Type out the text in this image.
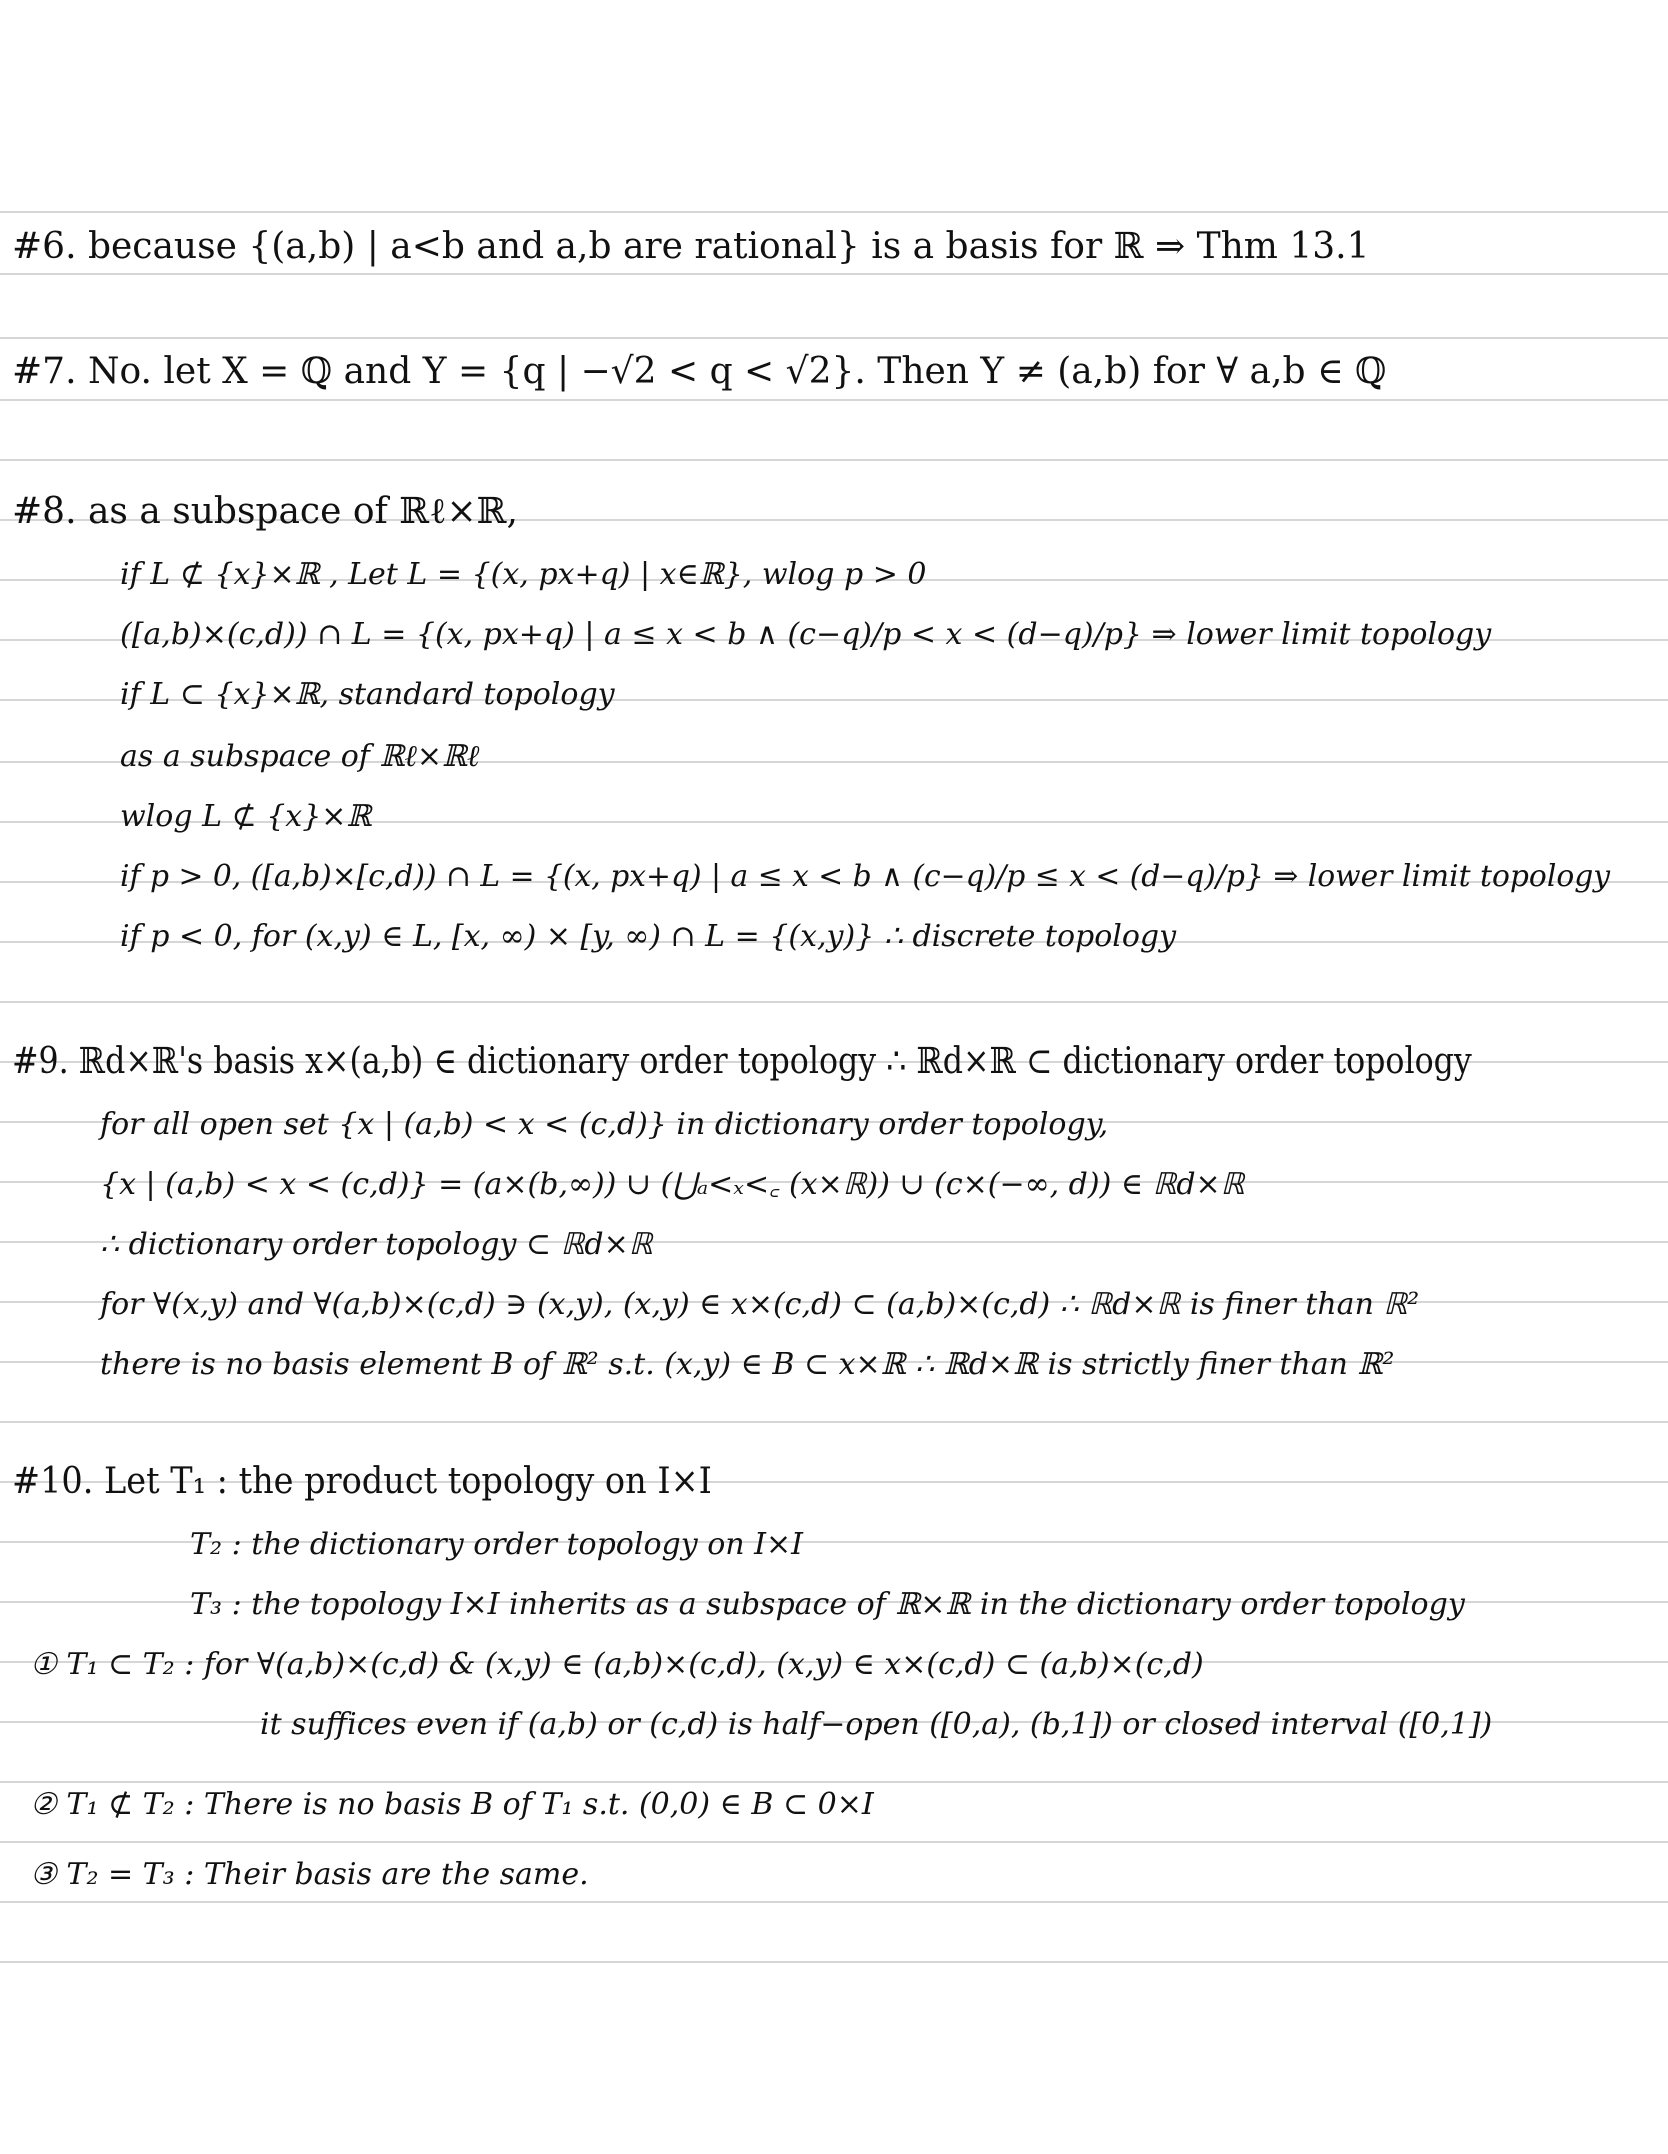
#6. because {(a,b) | a<b and a,b are rational} is a basis for ℝ ⇒ Thm 13.1
#7. No. let X = ℚ and Y = {q | −√2 < q < √2}. Then Y ≠ (a,b) for ∀ a,b ∈ ℚ
#8. as a subspace of ℝℓ×ℝ,
if L ⊄ {x}×ℝ , Let L = {(x, px+q) | x∈ℝ}, wlog p > 0
([a,b)×(c,d)) ∩ L = {(x, px+q) | a ≤ x < b ∧ (c−q)/p < x < (d−q)/p} ⇒ lower limit topology
if L ⊂ {x}×ℝ, standard topology
as a subspace of ℝℓ×ℝℓ
wlog L ⊄ {x}×ℝ
if p > 0, ([a,b)×[c,d)) ∩ L = {(x, px+q) | a ≤ x < b ∧ (c−q)/p ≤ x < (d−q)/p} ⇒ lower limit topology
if p < 0, for (x,y) ∈ L, [x, ∞) × [y, ∞) ∩ L = {(x,y)} ∴ discrete topology
#9. ℝd×ℝ's basis x×(a,b) ∈ dictionary order topology ∴ ℝd×ℝ ⊂ dictionary order topology
for all open set {x | (a,b) < x < (c,d)} in dictionary order topology,
{x | (a,b) < x < (c,d)} = (a×(b,∞)) ∪ (⋃ₐ<ₓ<꜀ (x×ℝ)) ∪ (c×(−∞, d)) ∈ ℝd×ℝ
∴ dictionary order topology ⊂ ℝd×ℝ
for ∀(x,y) and ∀(a,b)×(c,d) ∋ (x,y), (x,y) ∈ x×(c,d) ⊂ (a,b)×(c,d) ∴ ℝd×ℝ is finer than ℝ²
there is no basis element B of ℝ² s.t. (x,y) ∈ B ⊂ x×ℝ ∴ ℝd×ℝ is strictly finer than ℝ²
#10. Let T₁ : the product topology on I×I
T₂ : the dictionary order topology on I×I
T₃ : the topology I×I inherits as a subspace of ℝ×ℝ in the dictionary order topology
① T₁ ⊂ T₂ : for ∀(a,b)×(c,d) & (x,y) ∈ (a,b)×(c,d), (x,y) ∈ x×(c,d) ⊂ (a,b)×(c,d)
it suffices even if (a,b) or (c,d) is half−open ([0,a), (b,1]) or closed interval ([0,1])
② T₁ ⊄ T₂ : There is no basis B of T₁ s.t. (0,0) ∈ B ⊂ 0×I
③ T₂ = T₃ : Their basis are the same.
